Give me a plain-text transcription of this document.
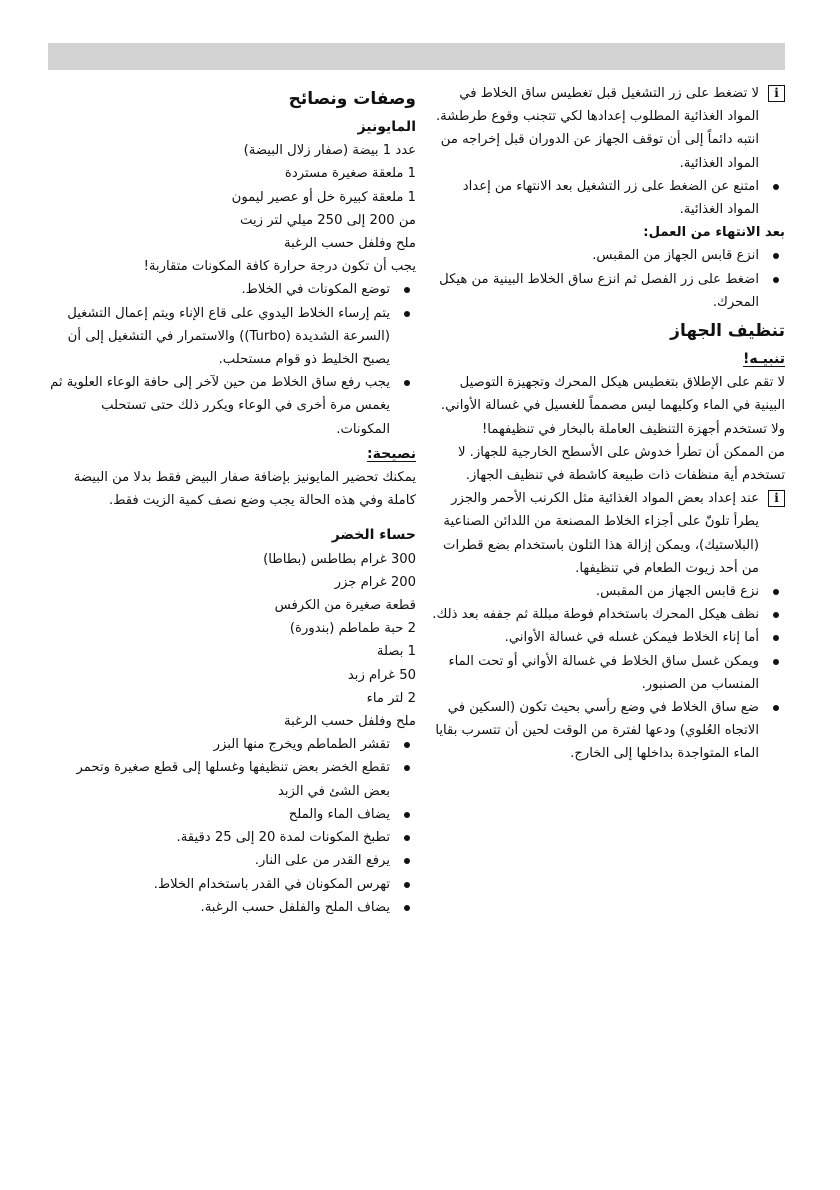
i

لا تضغط على زر التشغيل قبل تغطيس ساق الخلاط في المواد الغذائية المطلوب إعدادها لكي تتجنب وقوع طرطشة.

انتبه دائماً إلى أن توقف الجهاز عن الدوران قبل إخراجه من المواد الغذائية.

امتنع عن الضغط على زر التشغيل بعد الانتهاء من إعداد المواد الغذائية.

بعد الانتهاء من العمل:

انزع قابس الجهاز من المقبس.
اضغط على زر الفصل ثم انزع ساق الخلاط البينية من هيكل المحرك.
تنظيف الجهاز
تنبيـه!

لا تقم على الإطلاق بتغطيس هيكل المحرك وتجهيزة التوصيل البينية في الماء وكليهما ليس مصمماً للغسيل في غسالة الأواني.

ولا تستخدم أجهزة التنظيف العاملة بالبخار في تنظيفهما!

من الممكن أن تطرأ خدوش على الأسطح الخارجية للجهاز. لا تستخدم أية منظفات ذات طبيعة كاشطة في تنظيف الجهاز.

i

عند إعداد بعض المواد الغذائية مثل الكرنب الأحمر والجزر يطرأ تلونّ على أجزاء الخلاط المصنعة من اللدائن الصناعية (البلاستيك)، ويمكن إزالة هذا التلون باستخدام بضع قطرات من أحد زيوت الطعام في تنظيفها.

نزع قابس الجهاز من المقبس.
نظف هيكل المحرك باستخدام فوطة مبللة ثم جففه بعد ذلك.
أما إناء الخلاط فيمكن غسله في غسالة الأواني.
ويمكن غسل ساق الخلاط في غسالة الأواني أو تحت الماء المنساب من الصنبور.
ضع ساق الخلاط في وضع رأسي بحيث تكون (السكين في الاتجاه العُلوي) ودعها لفترة من الوقت لحين أن تتسرب بقايا الماء المتواجدة بداخلها إلى الخارج.
وصفات ونصائح
المايونيز

عدد 1 بيضة (صفار زلال البيضة)

1 ملعقة صغيرة مستردة

1 ملعقة كبيرة خل أو عصير ليمون

من 200 إلى 250 ميلي لتر زيت

ملح وفلفل حسب الرغبة

يجب أن تكون درجة حرارة كافة المكونات متقاربة!

توضع المكونات في الخلاط.
يتم إرساء الخلاط اليدوي على قاع الإناء ويتم إعمال التشغيل (السرعة الشديدة (Turbo)) والاستمرار في التشغيل إلى أن يصبح الخليط ذو قوام مستحلب.
يجب رفع ساق الخلاط من حين لآخر إلى حافة الوعاء العلوية ثم يغمس مرة أخرى في الوعاء ويكرر ذلك حتى تستحلب المكونات.
نصيحة:

يمكنك تحضير المايونيز بإضافة صفار البيض فقط بدلا من البيضة كاملة وفي هذه الحالة يجب وضع نصف كمية الزيت فقط.

حساء الخضر

300 غرام بطاطس (بطاطا)

200 غرام جزر

قطعة صغيرة من الكرفس

2 حبة طماطم (بندورة)

1 بصلة

50 غرام زبد

2 لتر ماء

ملح وفلفل حسب الرغبة

تقشر الطماطم ويخرج منها البزر
تقطع الخضر بعض تنظيفها وغسلها إلى قطع صغيرة وتحمر بعض الشئ في الزبد
يضاف الماء والملح
تطبخ المكونات لمدة 20 إلى 25 دقيقة.
يرفع القدر من على النار.
تهرس المكونان في القدر باستخدام الخلاط.
يضاف الملح والفلفل حسب الرغبة.
